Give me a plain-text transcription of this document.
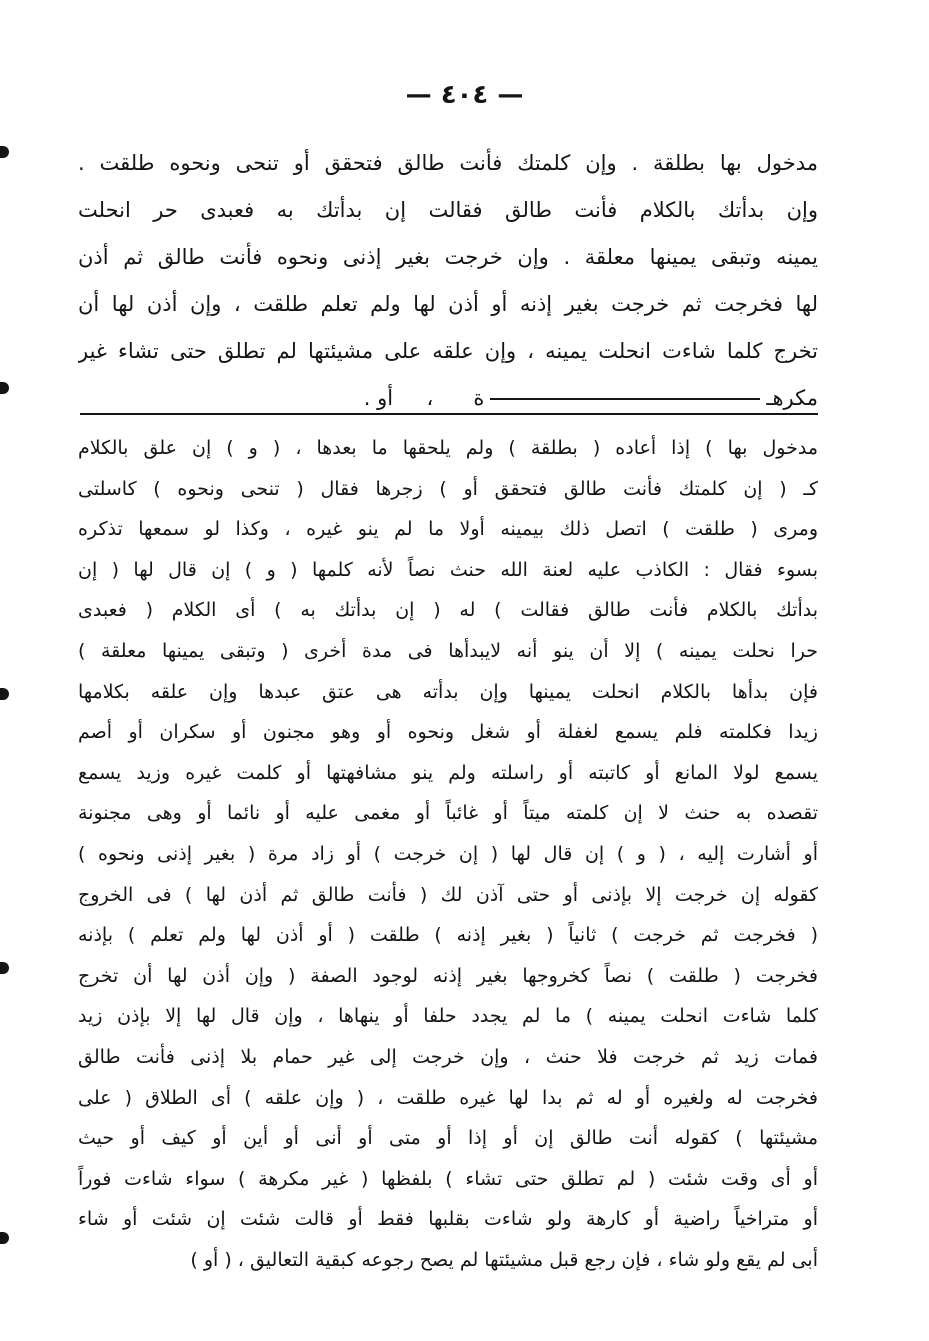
— ٤٠٤ —
مدخول بها بطلقة . وإن كلمتك فأنت طالق فتحقق أو تنحى ونحوه طلقت .
وإن بدأتك بالكلام فأنت طالق فقالت إن بدأتك به فعبدى حر انحلت
يمينه وتبقى يمينها معلقة . وإن خرجت بغير إذنى ونحوه فأنت طالق ثم أذن
لها فخرجت ثم خرجت بغير إذنه أو أذن لها ولم تعلم طلقت ، وإن أذن لها أن
تخرج كلما شاءت انحلت يمينه ، وإن علقه على مشيئتها لم تطلق حتى تشاء غير
مكرهـة      ،     أو .
مدخول بها ) إذا أعاده ( بطلقة ) ولم يلحقها ما بعدها ، ( و ) إن علق بالكلام
كـ ( إن كلمتك فأنت طالق فتحقق أو ) زجرها فقال ( تنحى ونحوه ) كاسلتى
ومرى ( طلقت ) اتصل ذلك بيمينه أولا ما لم ينو غيره ، وكذا لو سمعها تذكره
بسوء فقال : الكاذب عليه لعنة الله حنث نصاً لأنه كلمها ( و ) إن قال لها ( إن
بدأتك بالكلام فأنت طالق فقالت ) له ( إن بدأتك به ) أى الكلام ( فعبدى
حرا نحلت يمينه ) إلا أن ينو أنه لايبدأها فى مدة أخرى ( وتبقى يمينها معلقة )
فإن بدأها بالكلام انحلت يمينها وإن بدأته هى عتق عبدها وإن علقه بكلامها
زيدا فكلمته فلم يسمع لغفلة أو شغل ونحوه أو وهو مجنون أو سكران أو أصم
يسمع لولا المانع أو كاتبته أو راسلته ولم ينو مشافهتها أو كلمت غيره وزيد يسمع
تقصده به حنث لا إن كلمته ميتاً أو غائباً أو مغمى عليه أو نائما أو وهى مجنونة
أو أشارت إليه ، ( و ) إن قال لها ( إن خرجت ) أو زاد مرة ( بغير إذنى ونحوه )
كقوله إن خرجت إلا بإذنى أو حتى آذن لك ( فأنت طالق ثم أذن لها ) فى الخروج
( فخرجت ثم خرجت ) ثانياً ( بغير إذنه ) طلقت ( أو أذن لها ولم تعلم ) بإذنه
فخرجت ( طلقت ) نصاً كخروجها بغير إذنه لوجود الصفة ( وإن أذن لها أن تخرج
كلما شاءت انحلت يمينه ) ما لم يجدد حلفا أو ينهاها ، وإن قال لها إلا بإذن زيد
فمات زيد ثم خرجت فلا حنث ، وإن خرجت إلى غير حمام بلا إذنى فأنت طالق
فخرجت له ولغيره أو له ثم بدا لها غيره طلقت ، ( وإن علقه ) أى الطلاق ( على
مشيئتها ) كقوله أنت طالق إن أو إذا أو متى أو أنى أو أين أو كيف أو حيث
أو أى وقت شئت ( لم تطلق حتى تشاء ) بلفظها ( غير مكرهة ) سواء شاءت فوراً
أو متراخياً راضية أو كارهة ولو شاءت بقلبها فقط أو قالت شئت إن شئت أو شاء
أبى لم يقع ولو شاء ، فإن رجع قبل مشيئتها لم يصح رجوعه كبقية التعاليق ، ( أو )
